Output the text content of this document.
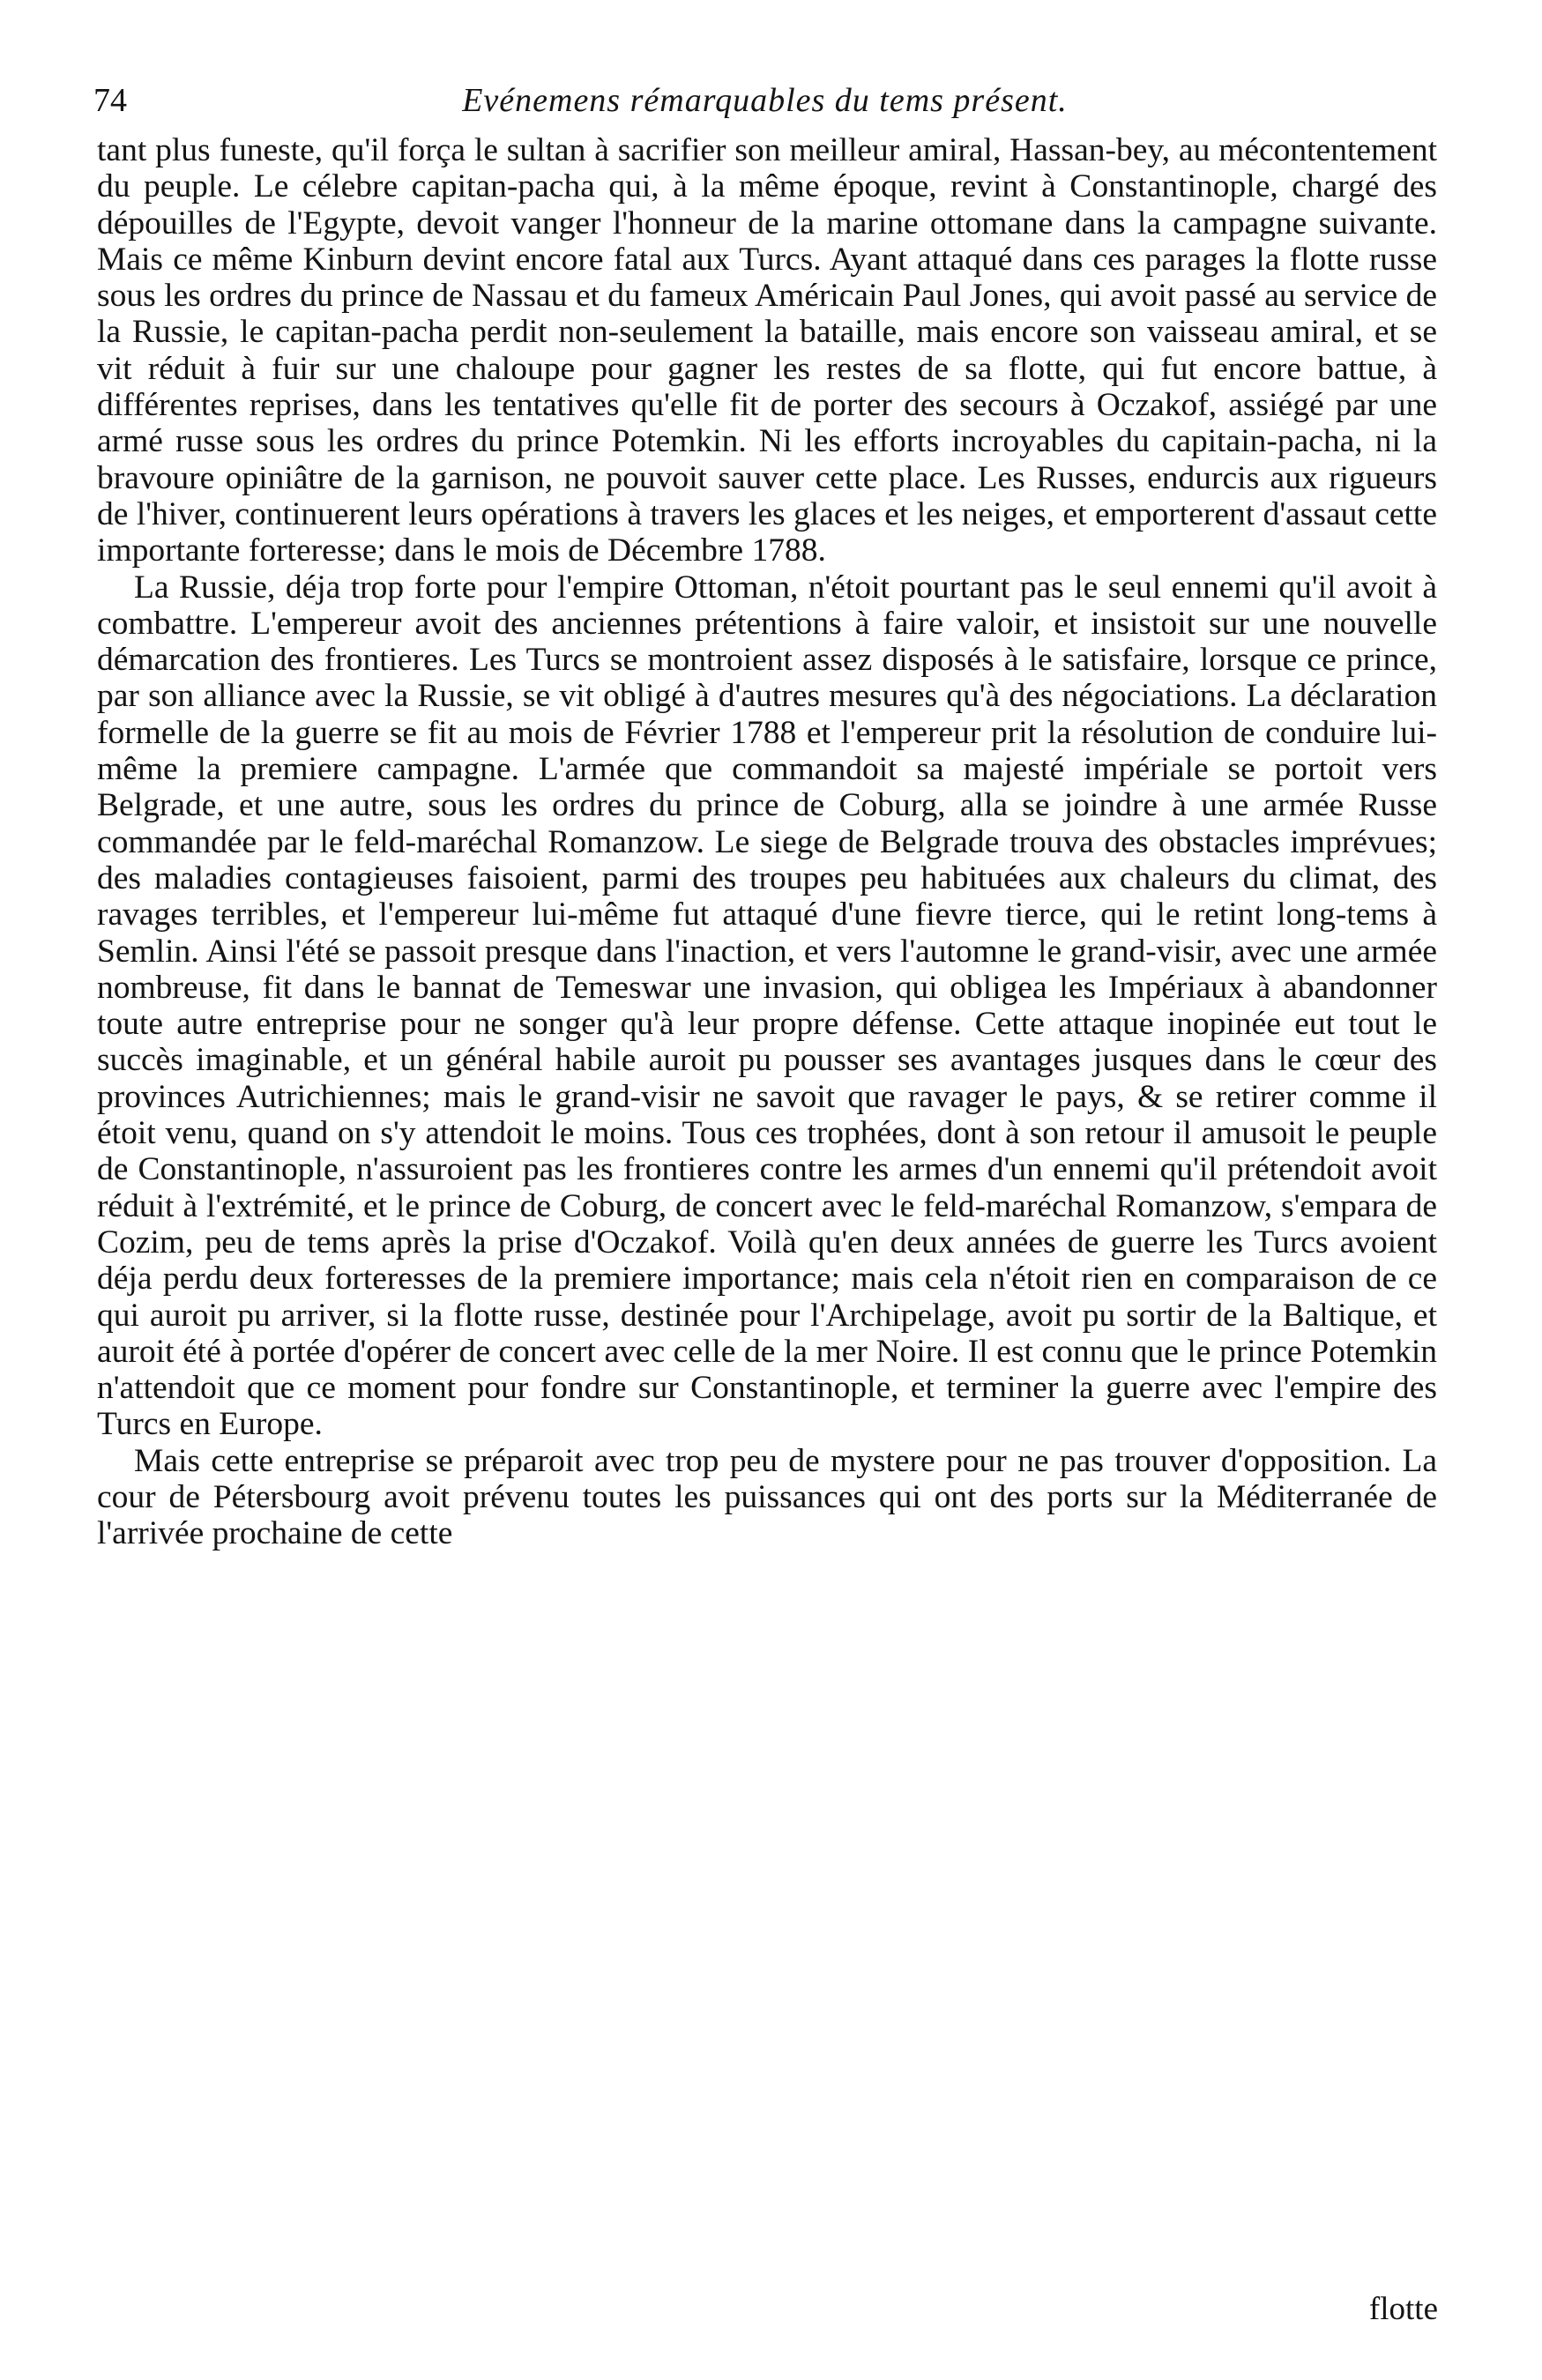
74	Evénemens rémarquables du tems présent.

tant plus funeste, qu'il força le sultan à sacrifier son meilleur amiral, Hassan-bey, au mécontentement du peuple. Le célebre capitan-pacha qui, à la même époque, revint à Constantinople, chargé des dépouilles de l'Egypte, devoit vanger l'honneur de la marine ottomane dans la campagne suivante. Mais ce même Kinburn devint encore fatal aux Turcs. Ayant attaqué dans ces parages la flotte russe sous les ordres du prince de Nassau et du fameux Américain Paul Jones, qui avoit passé au service de la Russie, le capitan-pacha perdit non-seulement la bataille, mais encore son vaisseau amiral, et se vit réduit à fuir sur une chaloupe pour gagner les restes de sa flotte, qui fut encore battue, à différentes reprises, dans les tentatives qu'elle fit de porter des secours à Oczakof, assiégé par une armé russe sous les ordres du prince Potemkin. Ni les efforts incroyables du capitain-pacha, ni la bravoure opiniâtre de la garnison, ne pouvoit sauver cette place. Les Russes, endurcis aux rigueurs de l'hiver, continuerent leurs opérations à travers les glaces et les neiges, et emporterent d'assaut cette importante forteresse; dans le mois de Décembre 1788.

La Russie, déja trop forte pour l'empire Ottoman, n'étoit pourtant pas le seul ennemi qu'il avoit à combattre. L'empereur avoit des anciennes prétentions à faire valoir, et insistoit sur une nouvelle démarcation des frontieres. Les Turcs se montroient assez disposés à le satisfaire, lorsque ce prince, par son alliance avec la Russie, se vit obligé à d'autres mesures qu'à des négociations. La déclaration formelle de la guerre se fit au mois de Février 1788 et l'empereur prit la résolution de conduire lui-même la premiere campagne. L'armée que commandoit sa majesté impériale se portoit vers Belgrade, et une autre, sous les ordres du prince de Coburg, alla se joindre à une armée Russe commandée par le feld-maréchal Romanzow. Le siege de Belgrade trouva des obstacles imprévues; des maladies contagieuses faisoient, parmi des troupes peu habituées aux chaleurs du climat, des ravages terribles, et l'empereur lui-même fut attaqué d'une fievre tierce, qui le retint long-tems à Semlin. Ainsi l'été se passoit presque dans l'inaction, et vers l'automne le grand-visir, avec une armée nombreuse, fit dans le bannat de Temeswar une invasion, qui obligea les Impériaux à abandonner toute autre entreprise pour ne songer qu'à leur propre défense. Cette attaque inopinée eut tout le succès imaginable, et un général habile auroit pu pousser ses avantages jusques dans le cœur des provinces Autrichiennes; mais le grand-visir ne savoit que ravager le pays, & se retirer comme il étoit venu, quand on s'y attendoit le moins. Tous ces trophées, dont à son retour il amusoit le peuple de Constantinople, n'assuroient pas les frontieres contre les armes d'un ennemi qu'il prétendoit avoit réduit à l'extrémité, et le prince de Coburg, de concert avec le feld-maréchal Romanzow, s'empara de Cozim, peu de tems après la prise d'Oczakof. Voilà qu'en deux années de guerre les Turcs avoient déja perdu deux forteresses de la premiere importance; mais cela n'étoit rien en comparaison de ce qui auroit pu arriver, si la flotte russe, destinée pour l'Archipelage, avoit pu sortir de la Baltique, et auroit été à portée d'opérer de concert avec celle de la mer Noire. Il est connu que le prince Potemkin n'attendoit que ce moment pour fondre sur Constantinople, et terminer la guerre avec l'empire des Turcs en Europe.

Mais cette entreprise se préparoit avec trop peu de mystere pour ne pas trouver d'opposition. La cour de Pétersbourg avoit prévenu toutes les puissances qui ont des ports sur la Méditerranée de l'arrivée prochaine de cette

flotte
